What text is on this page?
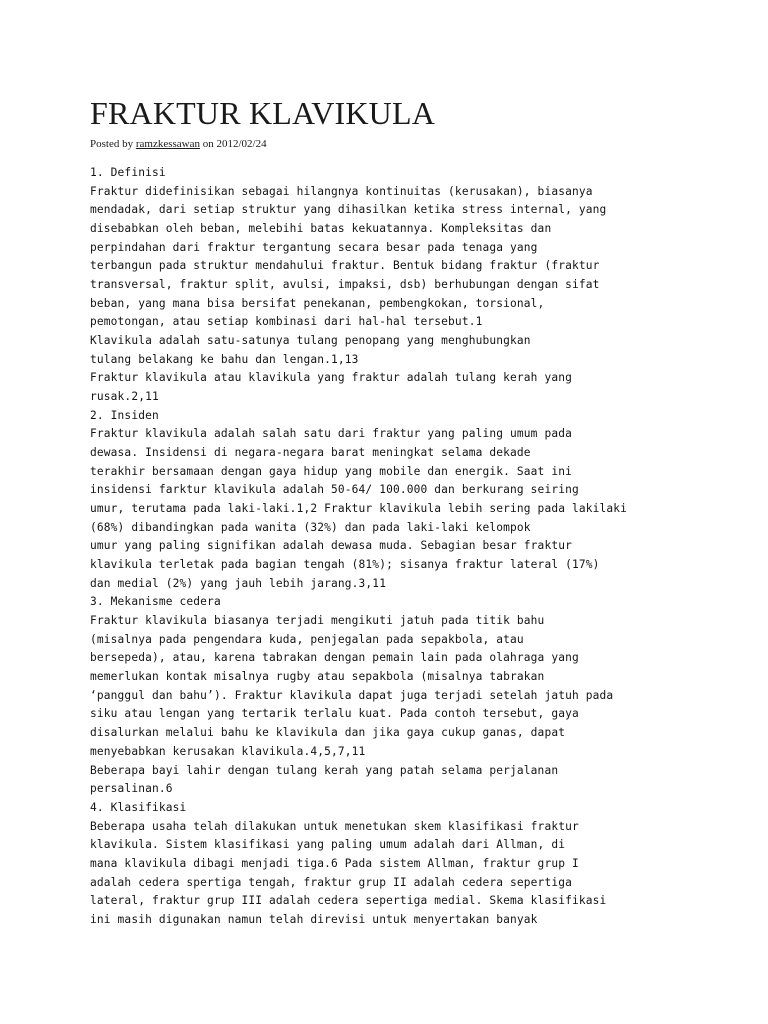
FRAKTUR KLAVIKULA
Posted by ramzkessawan on 2012/02/24
1. Definisi
Fraktur didefinisikan sebagai hilangnya kontinuitas (kerusakan), biasanya
mendadak, dari setiap struktur yang dihasilkan ketika stress internal, yang
disebabkan oleh beban, melebihi batas kekuatannya. Kompleksitas dan
perpindahan dari fraktur tergantung secara besar pada tenaga yang
terbangun pada struktur mendahului fraktur. Bentuk bidang fraktur (fraktur
transversal, fraktur split, avulsi, impaksi, dsb) berhubungan dengan sifat
beban, yang mana bisa bersifat penekanan, pembengkokan, torsional,
pemotongan, atau setiap kombinasi dari hal-hal tersebut.1
Klavikula adalah satu-satunya tulang penopang yang menghubungkan
tulang belakang ke bahu dan lengan.1,13
Fraktur klavikula atau klavikula yang fraktur adalah tulang kerah yang
rusak.2,11
2. Insiden
Fraktur klavikula adalah salah satu dari fraktur yang paling umum pada
dewasa. Insidensi di negara-negara barat meningkat selama dekade
terakhir bersamaan dengan gaya hidup yang mobile dan energik. Saat ini
insidensi farktur klavikula adalah 50-64/ 100.000 dan berkurang seiring
umur, terutama pada laki-laki.1,2 Fraktur klavikula lebih sering pada lakilaki
(68%) dibandingkan pada wanita (32%) dan pada laki-laki kelompok
umur yang paling signifikan adalah dewasa muda. Sebagian besar fraktur
klavikula terletak pada bagian tengah (81%); sisanya fraktur lateral (17%)
dan medial (2%) yang jauh lebih jarang.3,11
3. Mekanisme cedera
Fraktur klavikula biasanya terjadi mengikuti jatuh pada titik bahu
(misalnya pada pengendara kuda, penjegalan pada sepakbola, atau
bersepeda), atau, karena tabrakan dengan pemain lain pada olahraga yang
memerlukan kontak misalnya rugby atau sepakbola (misalnya tabrakan
‘panggul dan bahu’). Fraktur klavikula dapat juga terjadi setelah jatuh pada
siku atau lengan yang tertarik terlalu kuat. Pada contoh tersebut, gaya
disalurkan melalui bahu ke klavikula dan jika gaya cukup ganas, dapat
menyebabkan kerusakan klavikula.4,5,7,11
Beberapa bayi lahir dengan tulang kerah yang patah selama perjalanan
persalinan.6
4. Klasifikasi
Beberapa usaha telah dilakukan untuk menetukan skem klasifikasi fraktur
klavikula. Sistem klasifikasi yang paling umum adalah dari Allman, di
mana klavikula dibagi menjadi tiga.6 Pada sistem Allman, fraktur grup I
adalah cedera spertiga tengah, fraktur grup II adalah cedera sepertiga
lateral, fraktur grup III adalah cedera sepertiga medial. Skema klasifikasi
ini masih digunakan namun telah direvisi untuk menyertakan banyak
